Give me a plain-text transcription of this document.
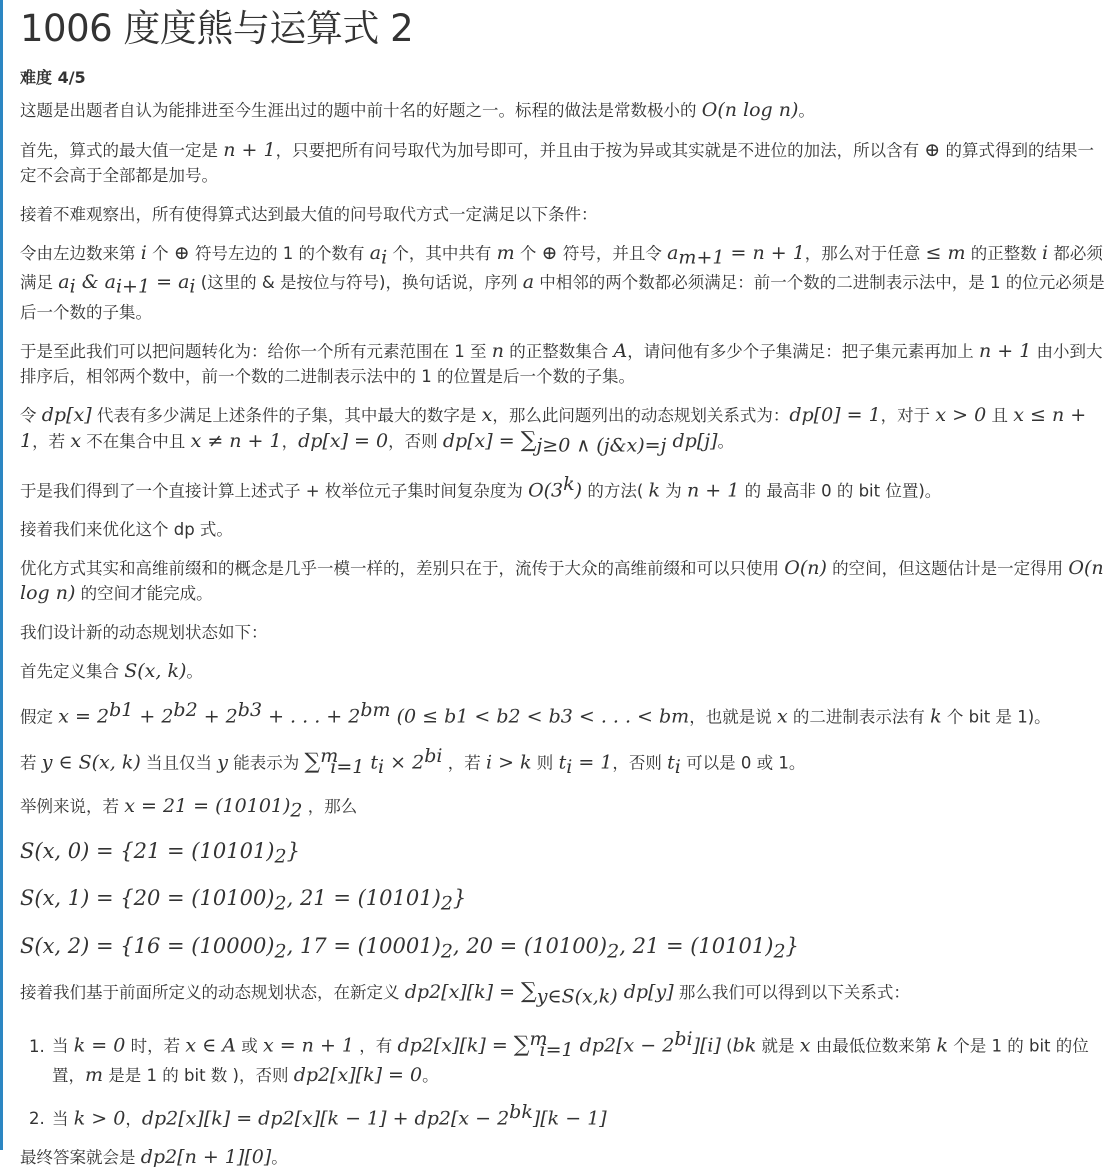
1006 度度熊与运算式 2
难度 4/5

这题是出题者自认为能排进至今生涯出过的题中前十名的好题之一。标程的做法是常数极小的 O(n log n)。

首先，算式的最大值一定是 n + 1，只要把所有问号取代为加号即可，并且由于按为异或其实就是不进位的加法，所以含有 ⊕ 的算式得到的结果一定不会高于全部都是加号。

接着不难观察出，所有使得算式达到最大值的问号取代方式一定满足以下条件：

令由左边数来第 i 个 ⊕ 符号左边的 1 的个数有 $a_i$ 个，其中共有 m 个 ⊕ 符号，并且令 $a_{m+1} = n + 1$，那么对于任意 ≤ m 的正整数 i 都必须满足 $a_i$ & $a_{i+1} = a_i$ (这里的 & 是按位与符号)，换句话说，序列 a 中相邻的两个数都必须满足：前一个数的二进制表示法中，是 1 的位元必须是后一个数的子集。

于是至此我们可以把问题转化为：给你一个所有元素范围在 1 至 n 的正整数集合 A，请问他有多少个子集满足：把子集元素再加上 n + 1 由小到大排序后，相邻两个数中，前一个数的二进制表示法中的 1 的位置是后一个数的子集。

令 dp[x] 代表有多少满足上述条件的子集，其中最大的数字是 x，那么此问题列出的动态规划关系式为：dp[0] = 1，对于 x > 0 且 x ≤ n + 1，若 x 不在集合中且 x ≠ n + 1，dp[x] = 0，否则 $dp[x] = \sum_{j\ge 0 \wedge (j\&x)=j}$ dp[j]。

于是我们得到了一个直接计算上述式子 + 枚举位元子集时间复杂度为 O(3$^k$) 的方法( k 为 n + 1 的 最高非 0 的 bit 位置)。

接着我们来优化这个 dp 式。

优化方式其实和高维前缀和的概念是几乎一模一样的，差别只在于，流传于大众的高维前缀和可以只使用 O(n) 的空间，但这题估计是一定得用 O(n log n) 的空间才能完成。

我们设计新的动态规划状态如下：

首先定义集合 S(x, k)。

假定 $x = 2^{b1} + 2^{b2} + 2^{b3}$ + . . . + $2^{bm}$ (0 ≤ b1 < b2 < b3 < . . . < bm，也就是说 x 的二进制表示法有 k 个 bit 是 1)。

若 y ∈ S(x, k) 当且仅当 y 能表示为 ∑$^m_{i=1}$ $t_i \times 2^{bi}$ ，若 i > k 则 $t_i = 1$，否则 $t_i$ 可以是 0 或 1。

举例来说，若 $x = 21 = (10101)_2$ ，那么

S(x, $0) = \{21 = (10101)_2\}$

S(x, $1) = \{20 = (10100)_2$, $21 = (10101)_2$}

S(x, $2) = \{16 = (10000)_2$, $17 = (10001)_2$, $20 = (10100)_2$, $21 = (10101)_2$}

接着我们基于前面所定义的动态规划状态，在新定义 $dp2[x][k] = \sum_{y\in S(x,k)}$ dp[y] 那么我们可以得到以下关系式：

1. 当 k = 0 时，若 x ∈ A 或 x = n + 1 ，有 dp2[x][k] = ∑$^m_{i=1}$ $dp2[x - 2^{bi}][i]$ (bk 就是 x 由最低位数来第 k 个是 1 的 bit 的位置，m 是是 1 的 bit 数 )，否则 dp2[x][k] = 0。
2. 当 k > 0，$dp2[x][k] = dp2[x][k - 1] + dp2[x - 2^{bk}][k - 1]$

最终答案就会是 dp2[n + 1][0]。
